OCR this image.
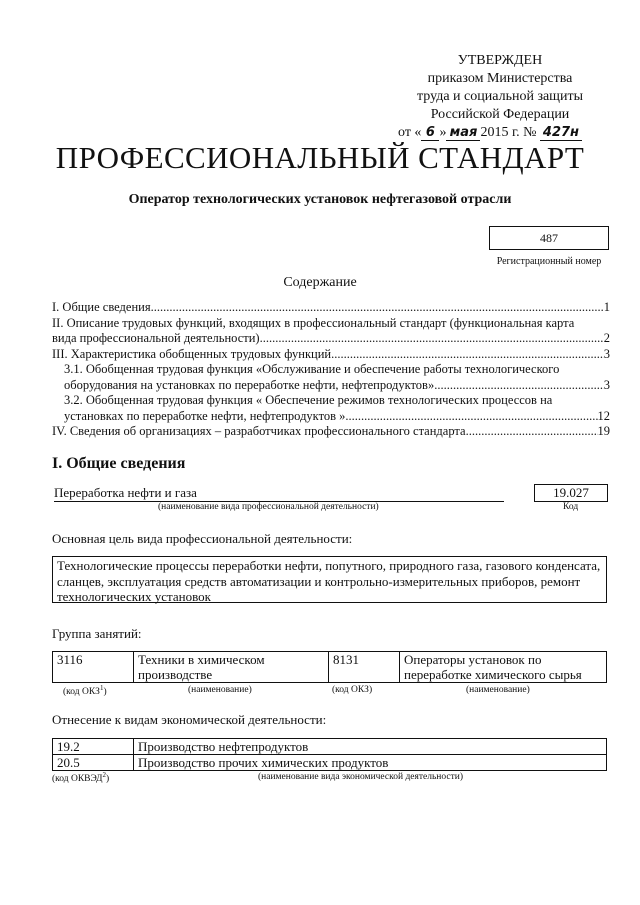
УТВЕРЖДЕН
приказом Министерства
труда и социальной защиты
Российской Федерации
от « 6 » мая 2015 г. № 427н
ПРОФЕССИОНАЛЬНЫЙ СТАНДАРТ
Оператор технологических установок нефтегазовой отрасли
487
Регистрационный номер
Содержание
I. Общие сведения .....	1
II. Описание трудовых функций, входящих в профессиональный стандарт (функциональная карта
вида профессиональной деятельности) .....	2
III. Характеристика обобщенных трудовых функций .....	3
3.1. Обобщенная трудовая функция «Обслуживание и обеспечение работы технологического
оборудования на установках по переработке нефти, нефтепродуктов» .....	3
3.2. Обобщенная трудовая функция « Обеспечение режимов технологических процессов на
установках по переработке нефти, нефтепродуктов » .....	12
IV. Сведения об организациях – разработчиках профессионального стандарта .....	19
I. Общие сведения
Переработка нефти и газа	19.027
(наименование вида профессиональной деятельности)	Код
Основная цель вида профессиональной деятельности:
Технологические процессы переработки нефти, попутного, природного газа, газового конденсата, сланцев, эксплуатация средств автоматизации и контрольно-измерительных приборов, ремонт технологических установок
Группа занятий:
3116	Техники в химическом производстве	8131	Операторы установок по переработке химического сырья
(код ОКЗ$^1$)	(наименование)	(код ОКЗ)	(наименование)
Отнесение к видам экономической деятельности:
19.2	Производство нефтепродуктов
20.5	Производство прочих химических продуктов
(код ОКВЭД$^2$)	(наименование вида экономической деятельности)
